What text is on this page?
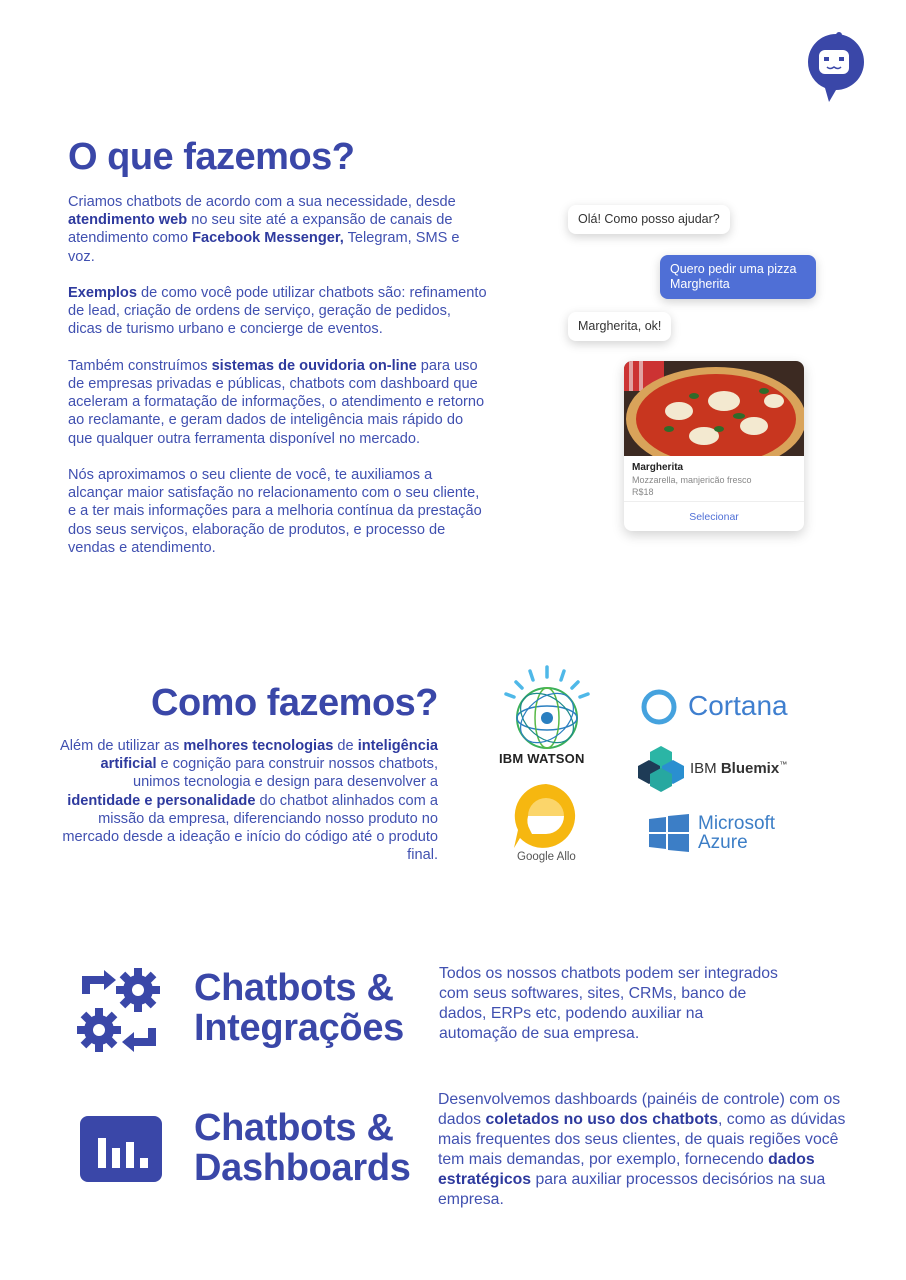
O que fazemos?

Criamos chatbots de acordo com a sua necessidade, desde atendimento web no seu site até a expansão de canais de atendimento como Facebook Messenger, Telegram, SMS e voz.

Exemplos de como você pode utilizar chatbots são: refinamento de lead, criação de ordens de serviço, geração de pedidos, dicas de turismo urbano e concierge de eventos.

Também construímos sistemas de ouvidoria on-line para uso de empresas privadas e públicas, chatbots com dashboard que aceleram a formatação de informações, o atendimento e retorno ao reclamante, e geram dados de inteligência mais rápido do que qualquer outra ferramenta disponível no mercado.

Nós aproximamos o seu cliente de você, te auxiliamos a alcançar maior satisfação no relacionamento com o seu cliente, e a ter mais informações para a melhoria contínua da prestação dos seus serviços, elaboração de produtos, e processo de vendas e atendimento.

Olá! Como posso ajudar?
Quero pedir uma pizza Margherita
Margherita, ok!
Margherita
Mozzarella, manjericão fresco
R$18
Selecionar
Como fazemos?
Além de utilizar as melhores tecnologias de inteligência artificial e cognição para construir nossos chatbots, unimos tecnologia e design para desenvolver a identidade e personalidade do chatbot alinhados com a missão da empresa, diferenciando nosso produto no mercado desde a ideação e início do código até o produto final.
IBM WATSON
Google Allo
Cortana
IBM Bluemix™
Microsoft
Azure
Chatbots &
Integrações
Todos os nossos chatbots podem ser integrados com seus softwares, sites, CRMs, banco de dados, ERPs etc, podendo auxiliar na automação de sua empresa.
Chatbots &
Dashboards
Desenvolvemos dashboards (painéis de controle) com os dados coletados no uso dos chatbots, como as dúvidas mais frequentes dos seus clientes, de quais regiões você tem mais demandas, por exemplo, fornecendo dados estratégicos para auxiliar processos decisórios na sua empresa.
